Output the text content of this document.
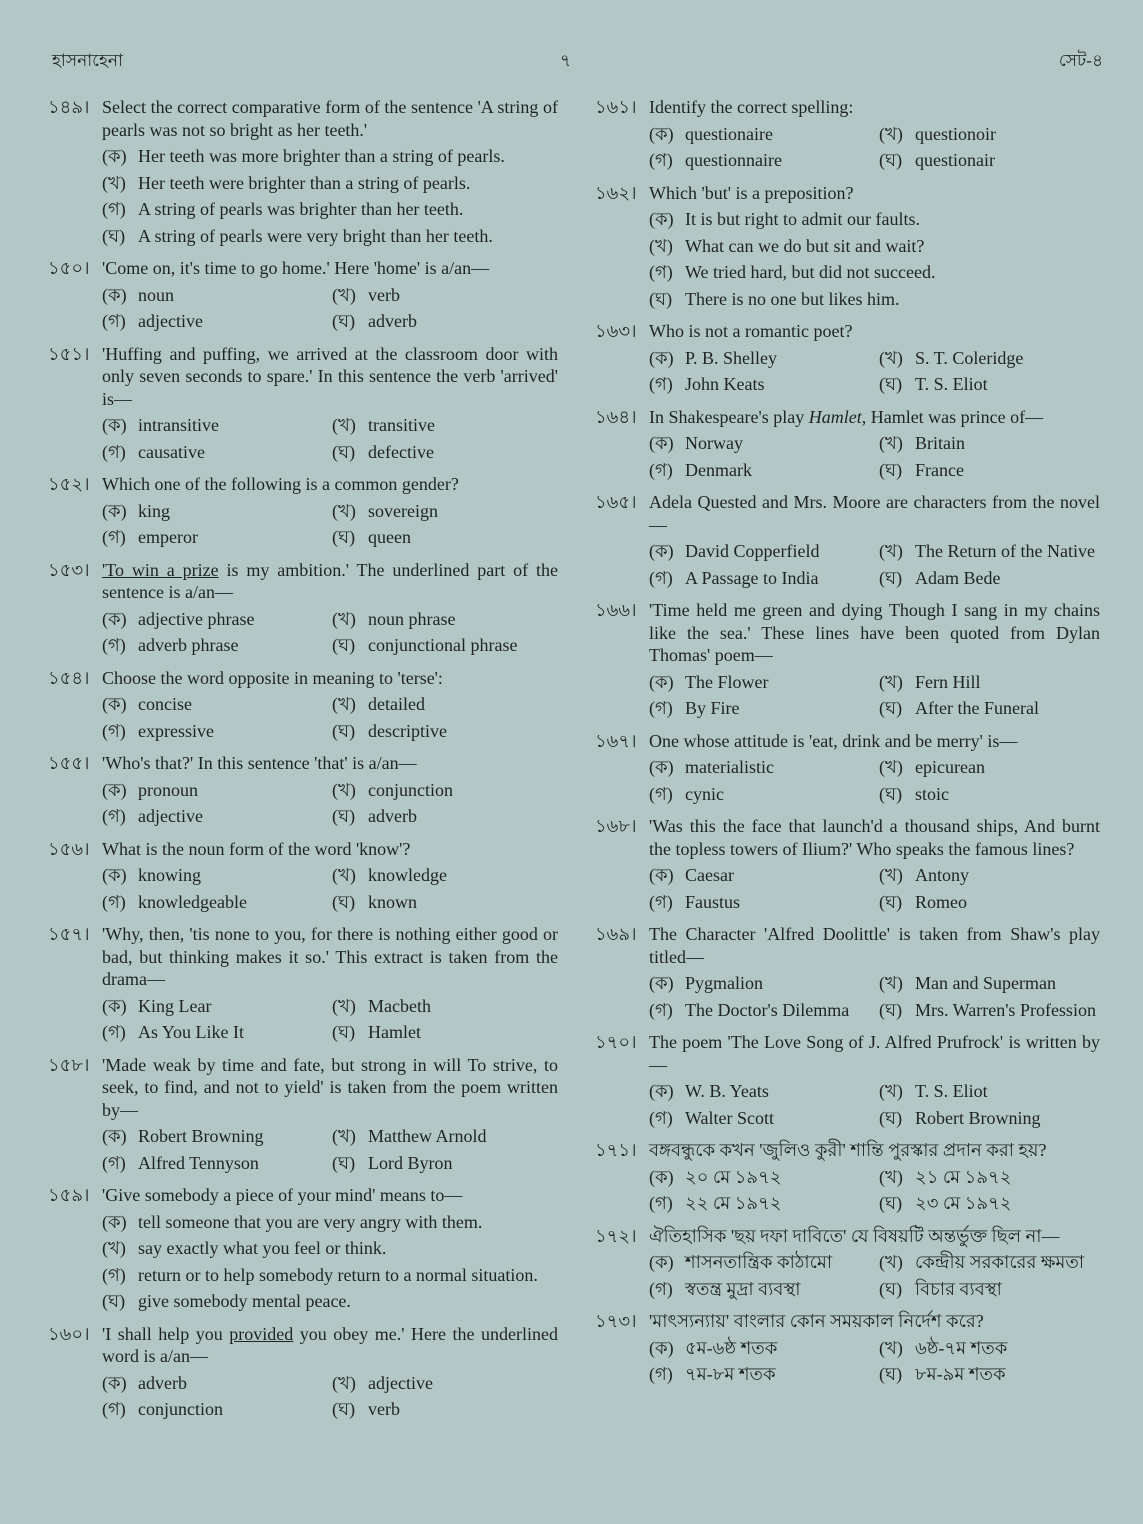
হাসনাহেনা	৭	সেট-৪
১৪৯। Select the correct comparative form of the sentence 'A string of pearls was not so bright as her teeth.'
(ক) Her teeth was more brighter than a string of pearls.
(খ) Her teeth were brighter than a string of pearls.
(গ) A string of pearls was brighter than her teeth.
(ঘ) A string of pearls were very bright than her teeth.
১৫০। 'Come on, it's time to go home.' Here 'home' is a/an—
(ক) noun	(খ) verb
(গ) adjective	(ঘ) adverb
১৫১। 'Huffing and puffing, we arrived at the classroom door with only seven seconds to spare.' In this sentence the verb 'arrived' is—
(ক) intransitive	(খ) transitive
(গ) causative	(ঘ) defective
১৫২। Which one of the following is a common gender?
(ক) king	(খ) sovereign
(গ) emperor	(ঘ) queen
১৫৩। 'To win a prize is my ambition.' The underlined part of the sentence is a/an—
(ক) adjective phrase	(খ) noun phrase
(গ) adverb phrase	(ঘ) conjunctional phrase
১৫৪। Choose the word opposite in meaning to 'terse':
(ক) concise	(খ) detailed
(গ) expressive	(ঘ) descriptive
১৫৫। 'Who's that?' In this sentence 'that' is a/an—
(ক) pronoun	(খ) conjunction
(গ) adjective	(ঘ) adverb
১৫৬। What is the noun form of the word 'know'?
(ক) knowing	(খ) knowledge
(গ) knowledgeable	(ঘ) known
১৫৭। 'Why, then, 'tis none to you, for there is nothing either good or bad, but thinking makes it so.' This extract is taken from the drama—
(ক) King Lear	(খ) Macbeth
(গ) As You Like It	(ঘ) Hamlet
১৫৮। 'Made weak by time and fate, but strong in will To strive, to seek, to find, and not to yield' is taken from the poem written by—
(ক) Robert Browning	(খ) Matthew Arnold
(গ) Alfred Tennyson	(ঘ) Lord Byron
১৫৯। 'Give somebody a piece of your mind' means to—
(ক) tell someone that you are very angry with them.
(খ) say exactly what you feel or think.
(গ) return or to help somebody return to a normal situation.
(ঘ) give somebody mental peace.
১৬০। 'I shall help you provided you obey me.' Here the underlined word is a/an—
(ক) adverb	(খ) adjective
(গ) conjunction	(ঘ) verb
১৬১। Identify the correct spelling:
(ক) questionaire	(খ) questionoir
(গ) questionnaire	(ঘ) questionair
১৬২। Which 'but' is a preposition?
(ক) It is but right to admit our faults.
(খ) What can we do but sit and wait?
(গ) We tried hard, but did not succeed.
(ঘ) There is no one but likes him.
১৬৩। Who is not a romantic poet?
(ক) P. B. Shelley	(খ) S. T. Coleridge
(গ) John Keats	(ঘ) T. S. Eliot
১৬৪। In Shakespeare's play Hamlet, Hamlet was prince of—
(ক) Norway	(খ) Britain
(গ) Denmark	(ঘ) France
১৬৫। Adela Quested and Mrs. Moore are characters from the novel—
(ক) David Copperfield	(খ) The Return of the Native
(গ) A Passage to India	(ঘ) Adam Bede
১৬৬। 'Time held me green and dying Though I sang in my chains like the sea.' These lines have been quoted from Dylan Thomas' poem—
(ক) The Flower	(খ) Fern Hill
(গ) By Fire	(ঘ) After the Funeral
১৬৭। One whose attitude is 'eat, drink and be merry' is—
(ক) materialistic	(খ) epicurean
(গ) cynic	(ঘ) stoic
১৬৮। 'Was this the face that launch'd a thousand ships, And burnt the topless towers of Ilium?' Who speaks the famous lines?
(ক) Caesar	(খ) Antony
(গ) Faustus	(ঘ) Romeo
১৬৯। The Character 'Alfred Doolittle' is taken from Shaw's play titled—
(ক) Pygmalion	(খ) Man and Superman
(গ) The Doctor's Dilemma	(ঘ) Mrs. Warren's Profession
১৭০। The poem 'The Love Song of J. Alfred Prufrock' is written by—
(ক) W. B. Yeats	(খ) T. S. Eliot
(গ) Walter Scott	(ঘ) Robert Browning
১৭১। বঙ্গবন্ধুকে কখন 'জুলিও কুরী' শান্তি পুরস্কার প্রদান করা হয়?
(ক) ২০ মে ১৯৭২	(খ) ২১ মে ১৯৭২
(গ) ২২ মে ১৯৭২	(ঘ) ২৩ মে ১৯৭২
১৭২। ঐতিহাসিক 'ছয় দফা দাবিতে' যে বিষয়টি অন্তর্ভুক্ত ছিল না—
(ক) শাসনতান্ত্রিক কাঠামো	(খ) কেন্দ্রীয় সরকারের ক্ষমতা
(গ) স্বতন্ত্র মুদ্রা ব্যবস্থা	(ঘ) বিচার ব্যবস্থা
১৭৩। 'মাৎস্যন্যায়' বাংলার কোন সময়কাল নির্দেশ করে?
(ক) ৫ম-৬ষ্ঠ শতক	(খ) ৬ষ্ঠ-৭ম শতক
(গ) ৭ম-৮ম শতক	(ঘ) ৮ম-৯ম শতক
